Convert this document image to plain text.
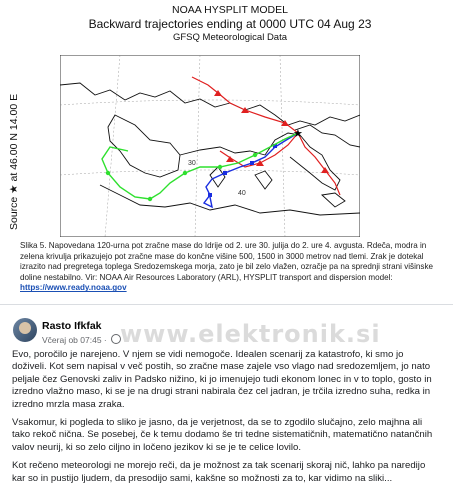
NOAA HYSPLIT MODEL
Backward trajectories ending at 0000 UTC 04 Aug 23
GFSQ Meteorological Data
Source ★ at 46.00 N 14.00 E	★
30
40
Slika 5. Napovedana 120-urna pot zračne mase do Idrije od 2. ure 30. julija do 2. ure 4. avgusta. Rdeča, modra in zelena krivulja prikazujejo pot zračne mase do končne višine 500, 1500 in 3000 metrov nad tlemi. Zrak je dotekal izrazito nad pregretega toplega Sredozemskega morja, zato je bil zelo vlažen, ozračje pa na sprednji strani višinske doline nestabilno. Vir: NOAA Air Resources Laboratory (ARL), HYSPLIT transport and dispersion model: https://www.ready.noaa.gov
Rasto Ifkfak
Včeraj ob 07:45 · www.elektronik.si

Evo, poročilo je narejeno. V njem se vidi nemogoče. Idealen scenarij za katastrofo, ki smo jo doživeli. Kot sem napisal v več postih, so zračne mase zajele vso vlago nad sredozemljem, jo nato peljale čez Genovski zaliv in Padsko nižino, ki jo imenujejo tudi ekonom lonec in v to toplo, gosto in izredno vlažno maso, ki se je na drugi strani nabirala čez cel jadran, je trčila izredno suha, redka in izredno mrzla masa zraka.

Vsakomur, ki pogleda to sliko je jasno, da je verjetnost, da se to zgodilo slučajno, zelo majhna ali tako rekoč nična. Se posebej, če k temu dodamo še tri tedne sistematičnih, matematično natančnih valov neurij, ki so zelo ciljno in ločeno jezikov ki se je te celice lovilo.

Kot rečeno meteorologi ne morejo reči, da je možnost za tak scenarij skoraj nič, lahko pa naredijo kar so in pustijo ljudem, da presodijo sami, kakšne so možnosti za to, kar vidimo na sliki...
